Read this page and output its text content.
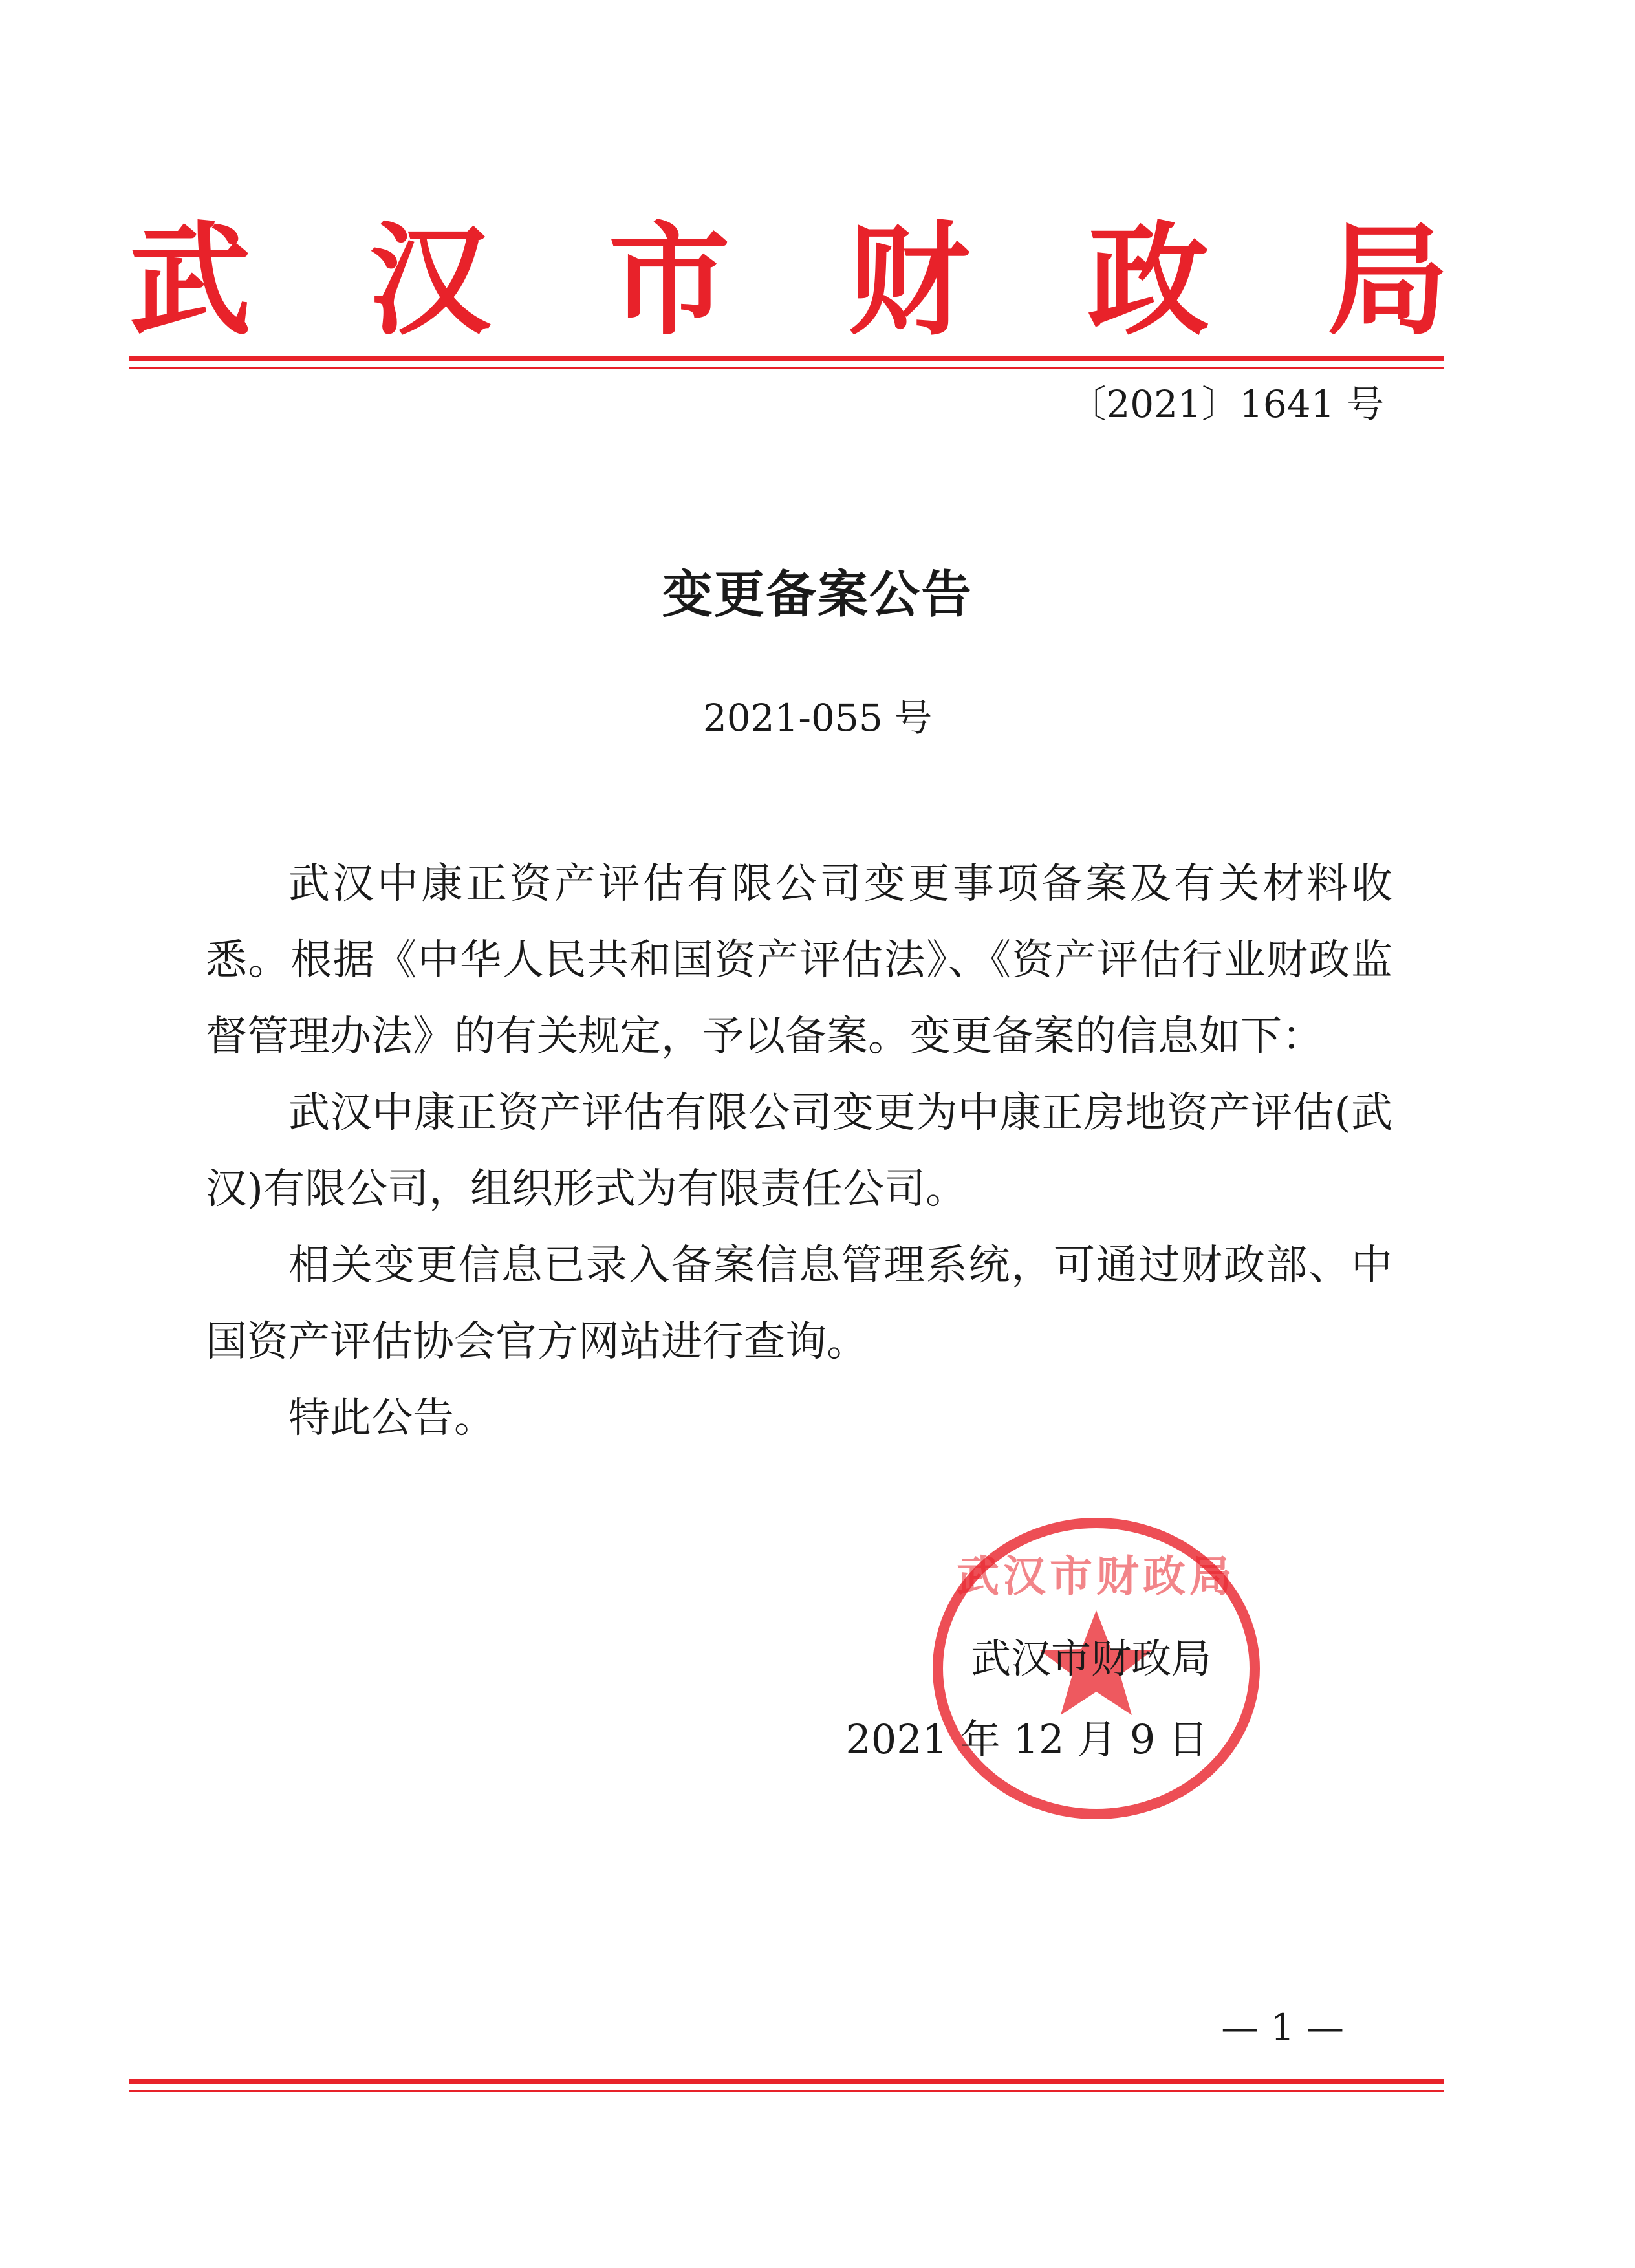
武 汉 市 财 政 局
〔2021〕1641 号
变更备案公告
2021-055 号

武汉中康正资产评估有限公司变更事项备案及有关材料收悉。根据《中华人民共和国资产评估法》、《资产评估行业财政监督管理办法》的有关规定，予以备案。变更备案的信息如下：

武汉中康正资产评估有限公司变更为中康正房地资产评估(武汉)有限公司，组织形式为有限责任公司。

相关变更信息已录入备案信息管理系统，可通过财政部、中国资产评估协会官方网站进行查询。

特此公告。

武汉市财政局
武汉市财政局
2021 年 12 月 9 日
— 1 —
